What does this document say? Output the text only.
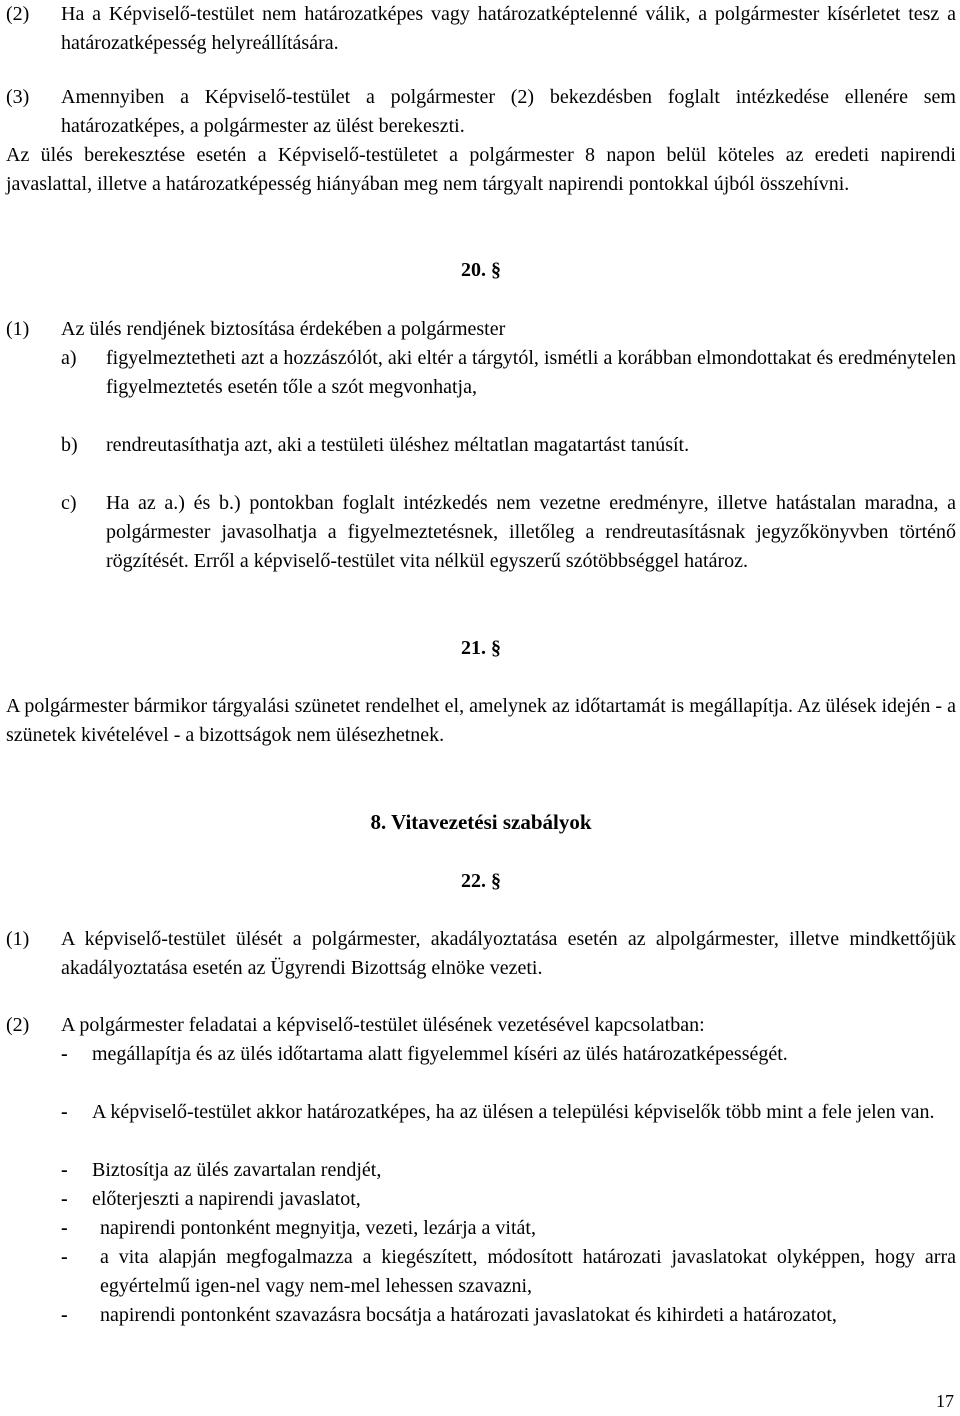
(2) Ha a Képviselő-testület nem határozatképes vagy határozatképtelenné válik, a polgármester kísérletet tesz a határozatképesség helyreállítására.

(3) Amennyiben a Képviselő-testület a polgármester (2) bekezdésben foglalt intézkedése ellenére sem határozatképes, a polgármester az ülést berekeszti.

Az ülés berekesztése esetén a Képviselő-testületet a polgármester 8 napon belül köteles az eredeti napirendi javaslattal, illetve a határozatképesség hiányában meg nem tárgyalt napirendi pontokkal újból összehívni.

20. §

(1) Az ülés rendjének biztosítása érdekében a polgármester

a) figyelmeztetheti azt a hozzászólót, aki eltér a tárgytól, ismétli a korábban elmondottakat és eredménytelen figyelmeztetés esetén tőle a szót megvonhatja,

b) rendreutasíthatja azt, aki a testületi üléshez méltatlan magatartást tanúsít.

c) Ha az a.) és b.) pontokban foglalt intézkedés nem vezetne eredményre, illetve hatástalan maradna, a polgármester javasolhatja a figyelmeztetésnek, illetőleg a rendreutasításnak jegyzőkönyvben történő rögzítését. Erről a képviselő-testület vita nélkül egyszerű szótöbbséggel határoz.

21. §

A polgármester bármikor tárgyalási szünetet rendelhet el, amelynek az időtartamát is megállapítja. Az ülések idején - a szünetek kivételével - a bizottságok nem ülésezhetnek.

8. Vitavezetési szabályok

22. §

(1) A képviselő-testület ülését a polgármester, akadályoztatása esetén az alpolgármester, illetve mindkettőjük akadályoztatása esetén az Ügyrendi Bizottság elnöke vezeti.

(2) A polgármester feladatai a képviselő-testület ülésének vezetésével kapcsolatban:

- megállapítja és az ülés időtartama alatt figyelemmel kíséri az ülés határozatképességét.

- A képviselő-testület akkor határozatképes, ha az ülésen a települési képviselők több mint a fele jelen van.

- Biztosítja az ülés zavartalan rendjét,

- előterjeszti a napirendi javaslatot,

- napirendi pontonként megnyitja, vezeti, lezárja a vitát,

- a vita alapján megfogalmazza a kiegészített, módosított határozati javaslatokat olyképpen, hogy arra egyértelmű igen-nel vagy nem-mel lehessen szavazni,

- napirendi pontonként szavazásra bocsátja a határozati javaslatokat és kihirdeti a határozatot,

17
